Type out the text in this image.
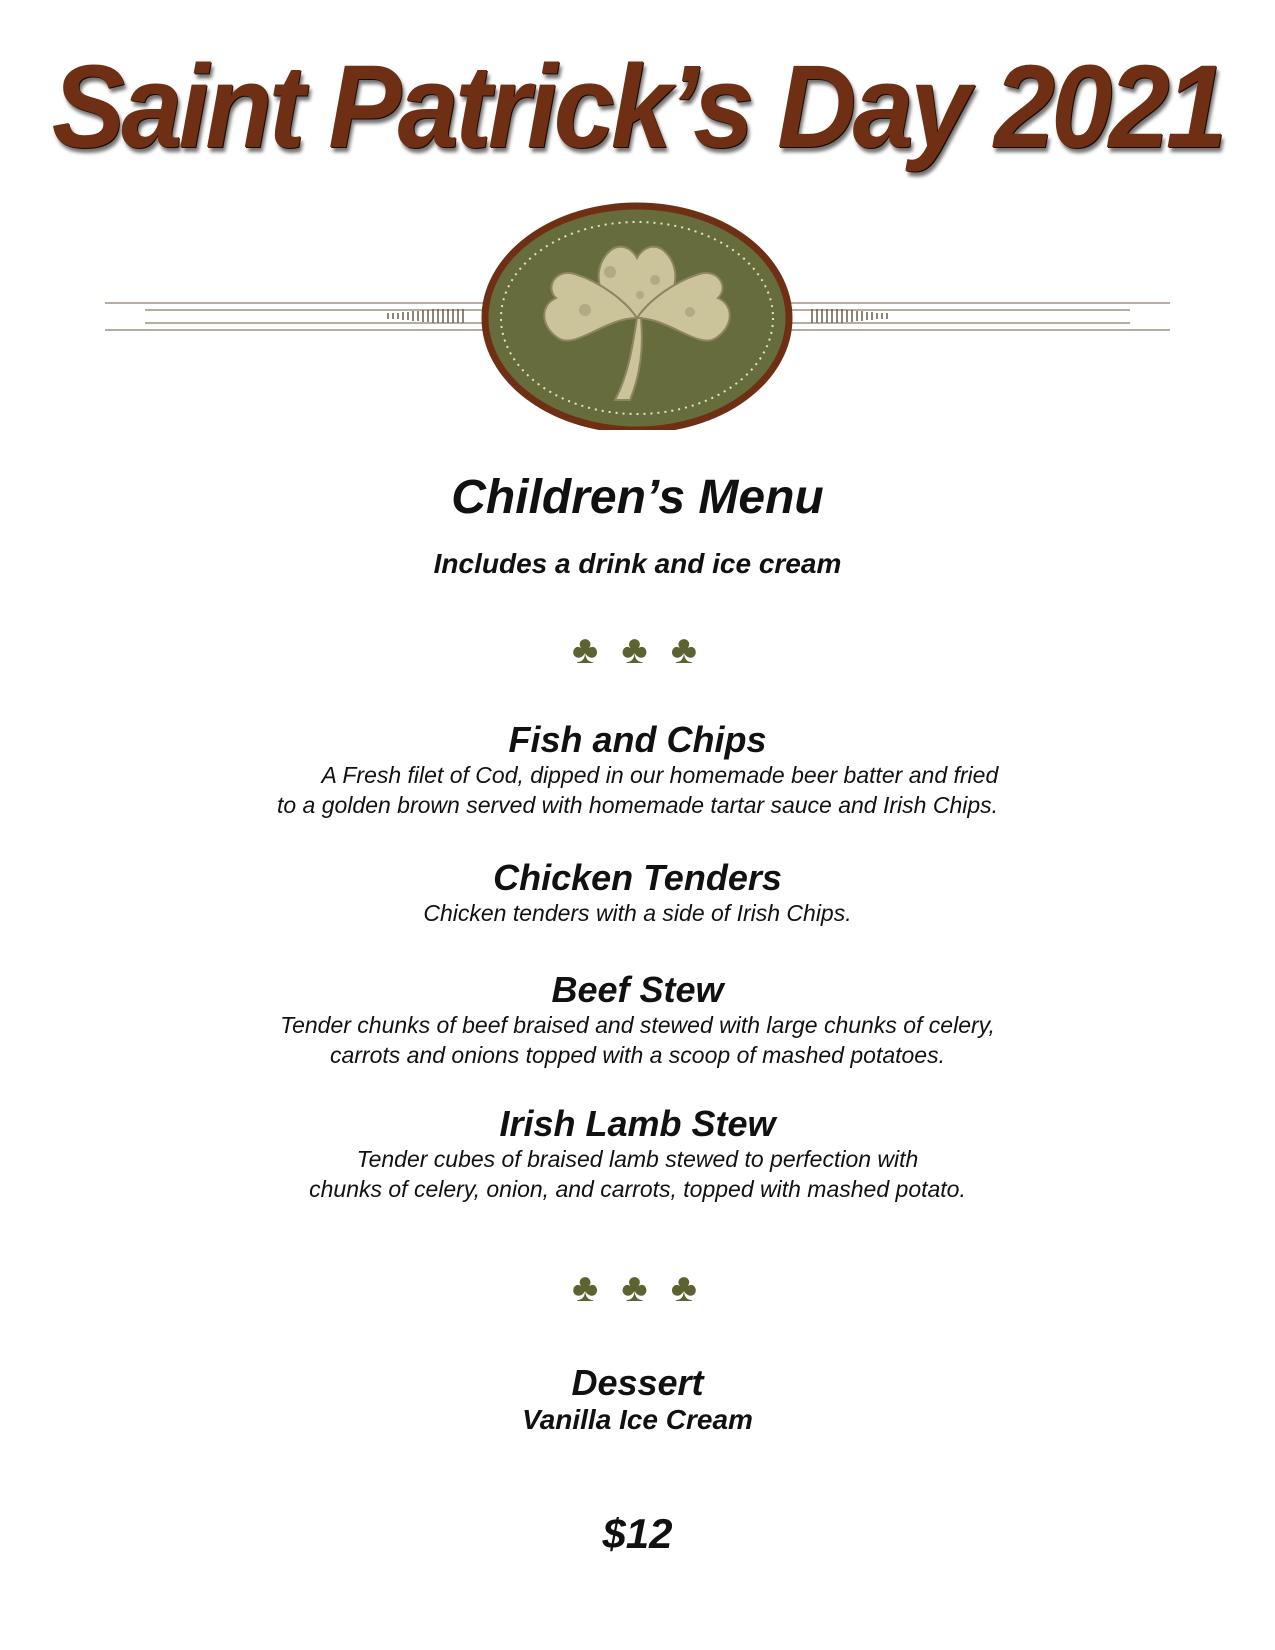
Saint Patrick’s Day 2021
Children’s Menu
Includes a drink and ice cream
♣ ♣ ♣
Fish and Chips
A Fresh filet of Cod, dipped in our homemade beer batter and fried
to a golden brown served with homemade tartar sauce and Irish Chips.
Chicken Tenders
Chicken tenders with a side of Irish Chips.
Beef Stew
Tender chunks of beef braised and stewed with large chunks of celery,
carrots and onions topped with a scoop of mashed potatoes.
Irish Lamb Stew
Tender cubes of braised lamb stewed to perfection with
chunks of celery, onion, and carrots, topped with mashed potato.
♣ ♣ ♣
Dessert
Vanilla Ice Cream
$12
